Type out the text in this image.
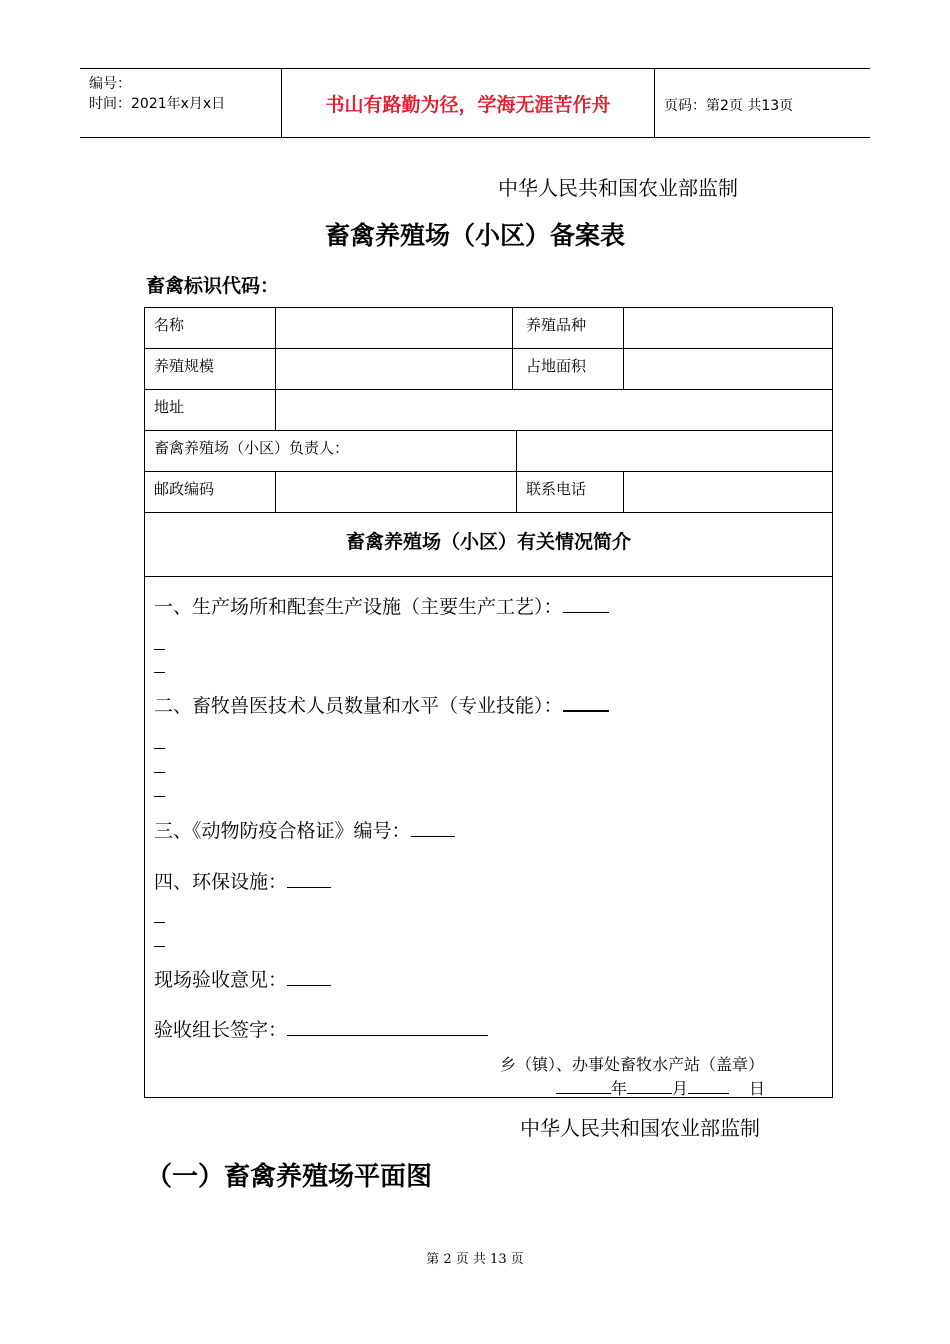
编号：
时间：2021年x月x日	书山有路勤为径，学海无涯苦作舟	页码：第2页 共13页
中华人民共和国农业部监制
畜禽养殖场（小区）备案表
畜禽标识代码：
名称	养殖品种
养殖规模	占地面积
地址
畜禽养殖场（小区）负责人：
邮政编码	联系电话
畜禽养殖场（小区）有关情况简介
一、生产场所和配套生产设施（主要生产工艺）：
二、畜牧兽医技术人员数量和水平（专业技能）：
三、《动物防疫合格证》编号：
四、环保设施：
现场验收意见：
验收组长签字：
乡（镇）、办事处畜牧水产站（盖章）
年	月	日
中华人民共和国农业部监制
（一）畜禽养殖场平面图
第 2 页 共 13 页
